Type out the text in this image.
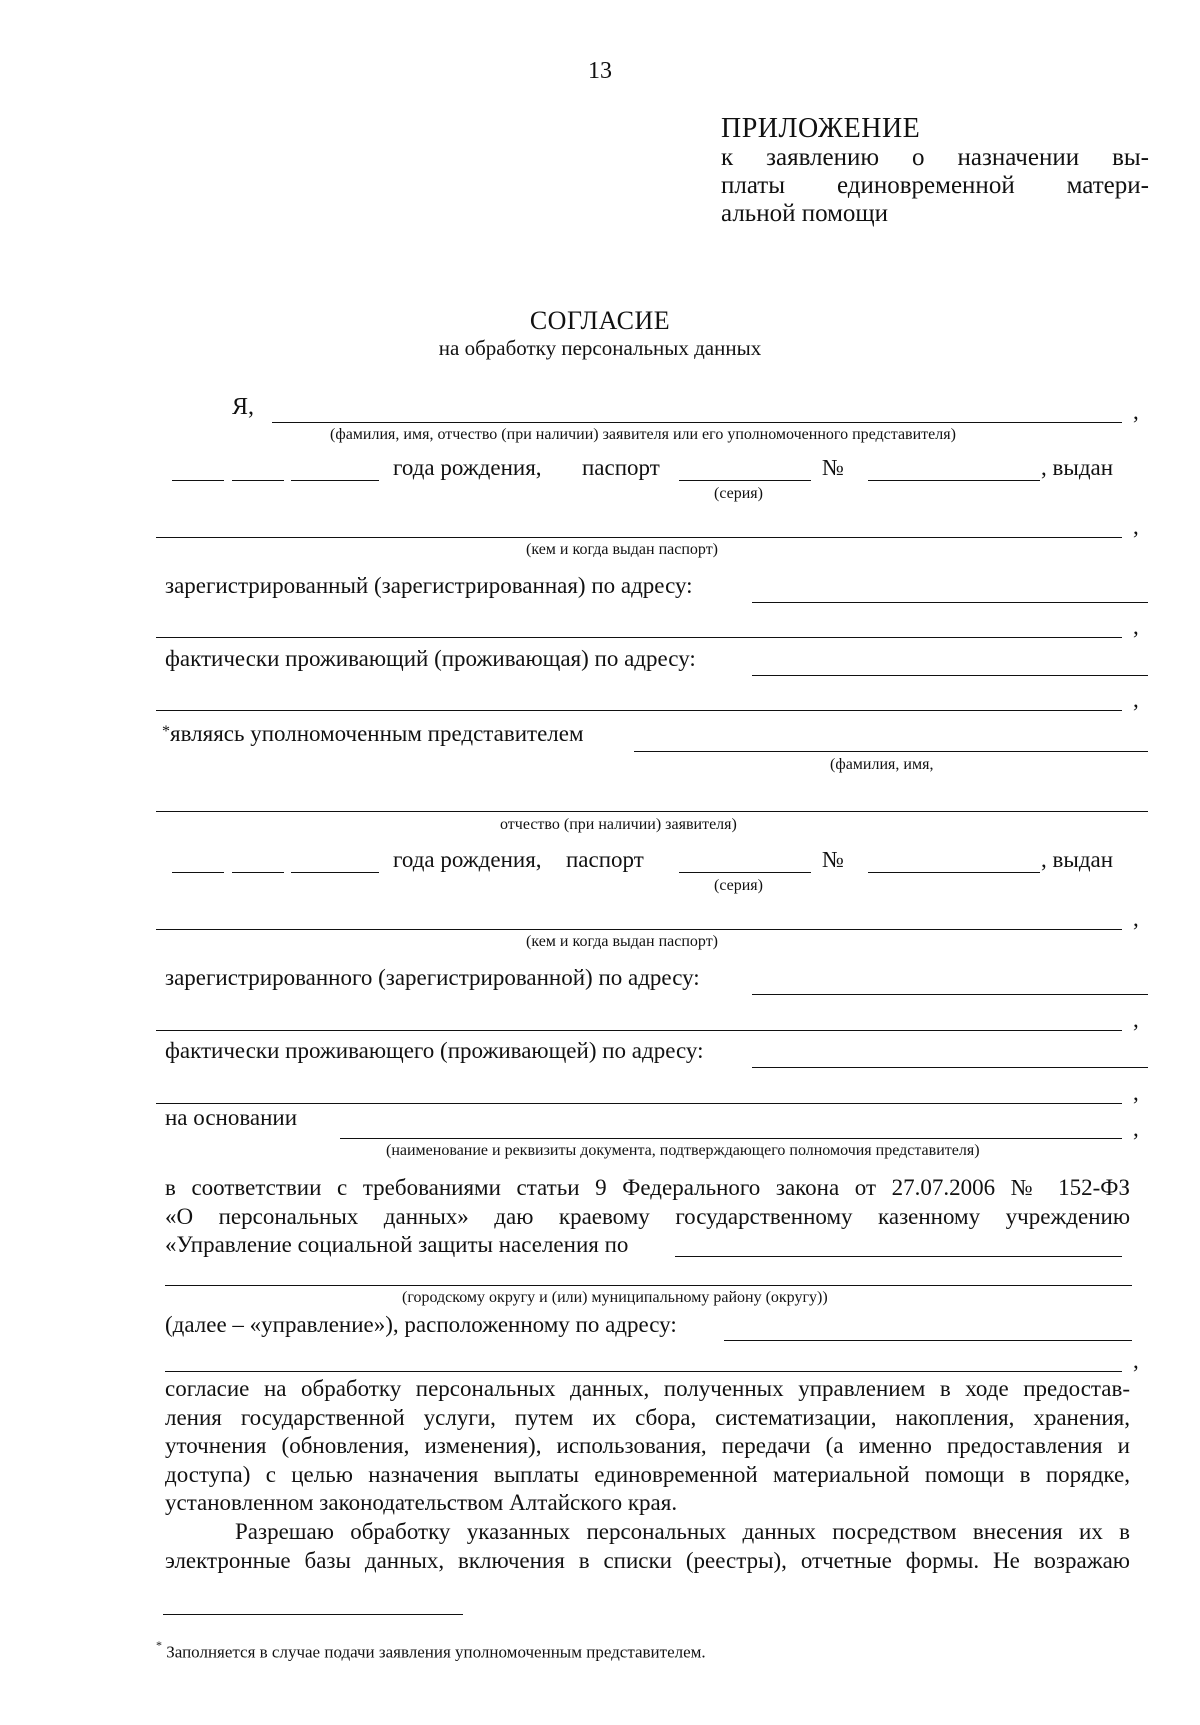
13
ПРИЛОЖЕНИЕ
к заявлению о назначении вы-
платы единовременной матери-
альной помощи
СОГЛАСИЕ
на обработку персональных данных
Я,	,
(фамилия, имя, отчество (при наличии) заявителя или его уполномоченного представителя)
года рождения, паспорт	№	, выдан
(серия)
,
(кем и когда выдан паспорт)
зарегистрированный (зарегистрированная) по адресу:
,
фактически проживающий (проживающая) по адресу:
,
* являясь уполномоченным представителем
(фамилия, имя,
отчество (при наличии) заявителя)
года рождения, паспорт	№	, выдан
(серия)
,
(кем и когда выдан паспорт)
зарегистрированного (зарегистрированной) по адресу:
,
фактически проживающего (проживающей) по адресу:
,
на основании	,
(наименование и реквизиты документа, подтверждающего полномочия представителя)
в соответствии с требованиями статьи 9 Федерального закона от 27.07.2006 № 152-ФЗ
«О персональных данных» даю краевому государственному казенному учреждению
«Управление социальной защиты населения по
(городскому округу и (или) муниципальному району (округу))
(далее – «управление»), расположенному по адресу:
,
согласие на обработку персональных данных, полученных управлением в ходе предостав-
ления государственной услуги, путем их сбора, систематизации, накопления, хранения,
уточнения (обновления, изменения), использования, передачи (а именно предоставления и
доступа) с целью назначения выплаты единовременной материальной помощи в порядке,
установленном законодательством Алтайского края.
Разрешаю обработку указанных персональных данных посредством внесения их в
электронные базы данных, включения в списки (реестры), отчетные формы. Не возражаю
* Заполняется в случае подачи заявления уполномоченным представителем.
